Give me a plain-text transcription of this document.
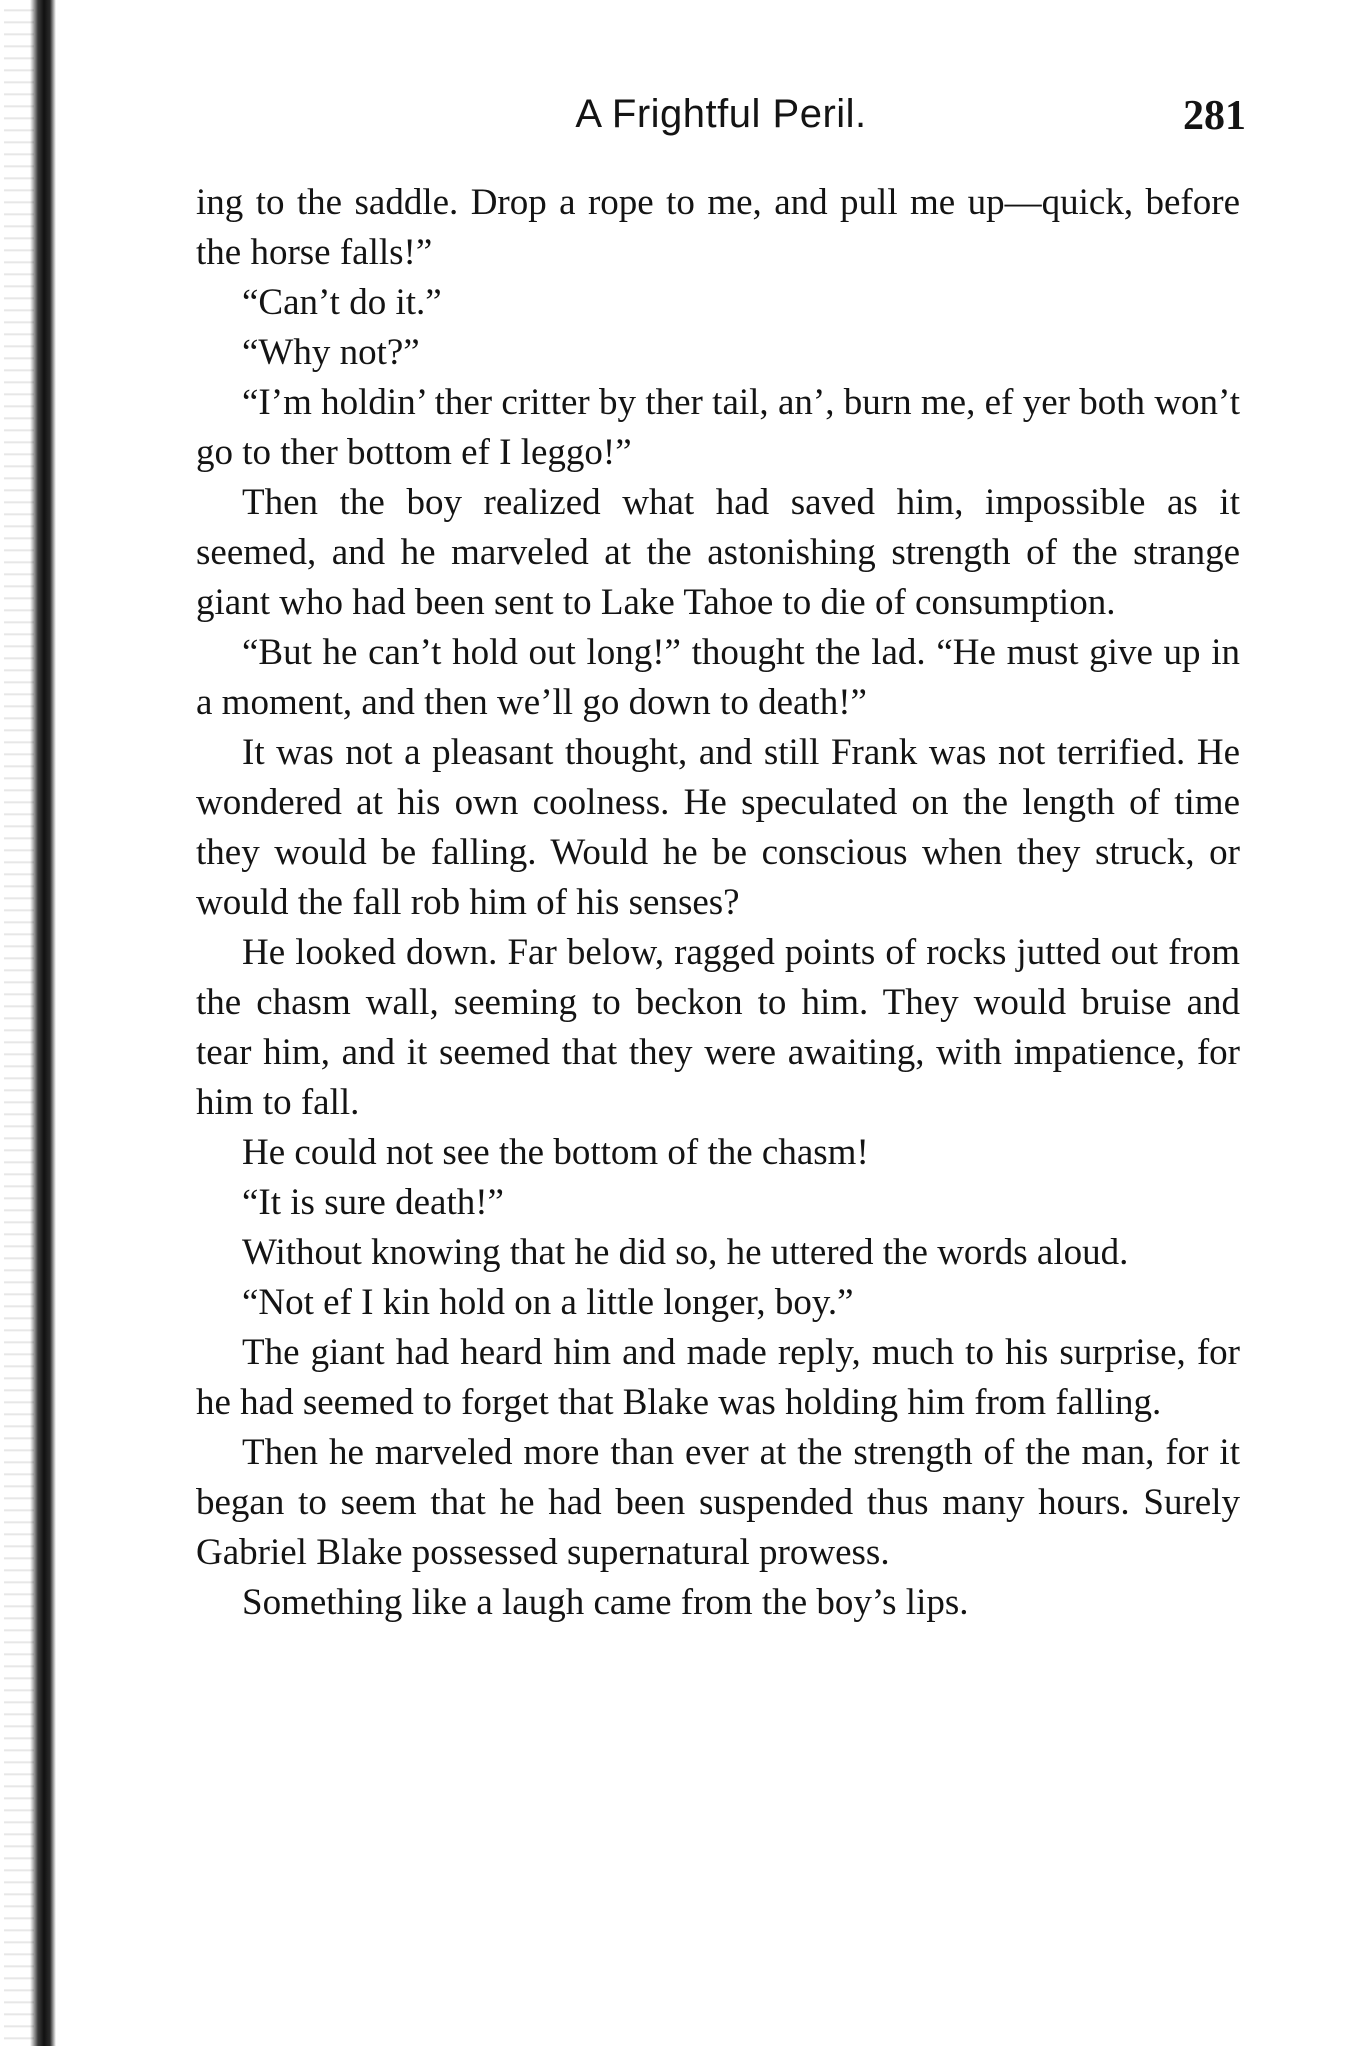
A Frightful Peril.	281

ing to the saddle. Drop a rope to me, and pull me up—quick, before the horse falls!”

“Can’t do it.”

“Why not?”

“I’m holdin’ ther critter by ther tail, an’, burn me, ef yer both won’t go to ther bottom ef I leggo!”

Then the boy realized what had saved him, impossible as it seemed, and he marveled at the astonishing strength of the strange giant who had been sent to Lake Tahoe to die of consumption.

“But he can’t hold out long!” thought the lad. “He must give up in a moment, and then we’ll go down to death!”

It was not a pleasant thought, and still Frank was not terrified. He wondered at his own coolness. He speculated on the length of time they would be falling. Would he be conscious when they struck, or would the fall rob him of his senses?

He looked down. Far below, ragged points of rocks jutted out from the chasm wall, seeming to beckon to him. They would bruise and tear him, and it seemed that they were awaiting, with impatience, for him to fall.

He could not see the bottom of the chasm!

“It is sure death!”

Without knowing that he did so, he uttered the words aloud.

“Not ef I kin hold on a little longer, boy.”

The giant had heard him and made reply, much to his surprise, for he had seemed to forget that Blake was holding him from falling.

Then he marveled more than ever at the strength of the man, for it began to seem that he had been suspended thus many hours. Surely Gabriel Blake possessed supernatural prowess.

Something like a laugh came from the boy’s lips.
